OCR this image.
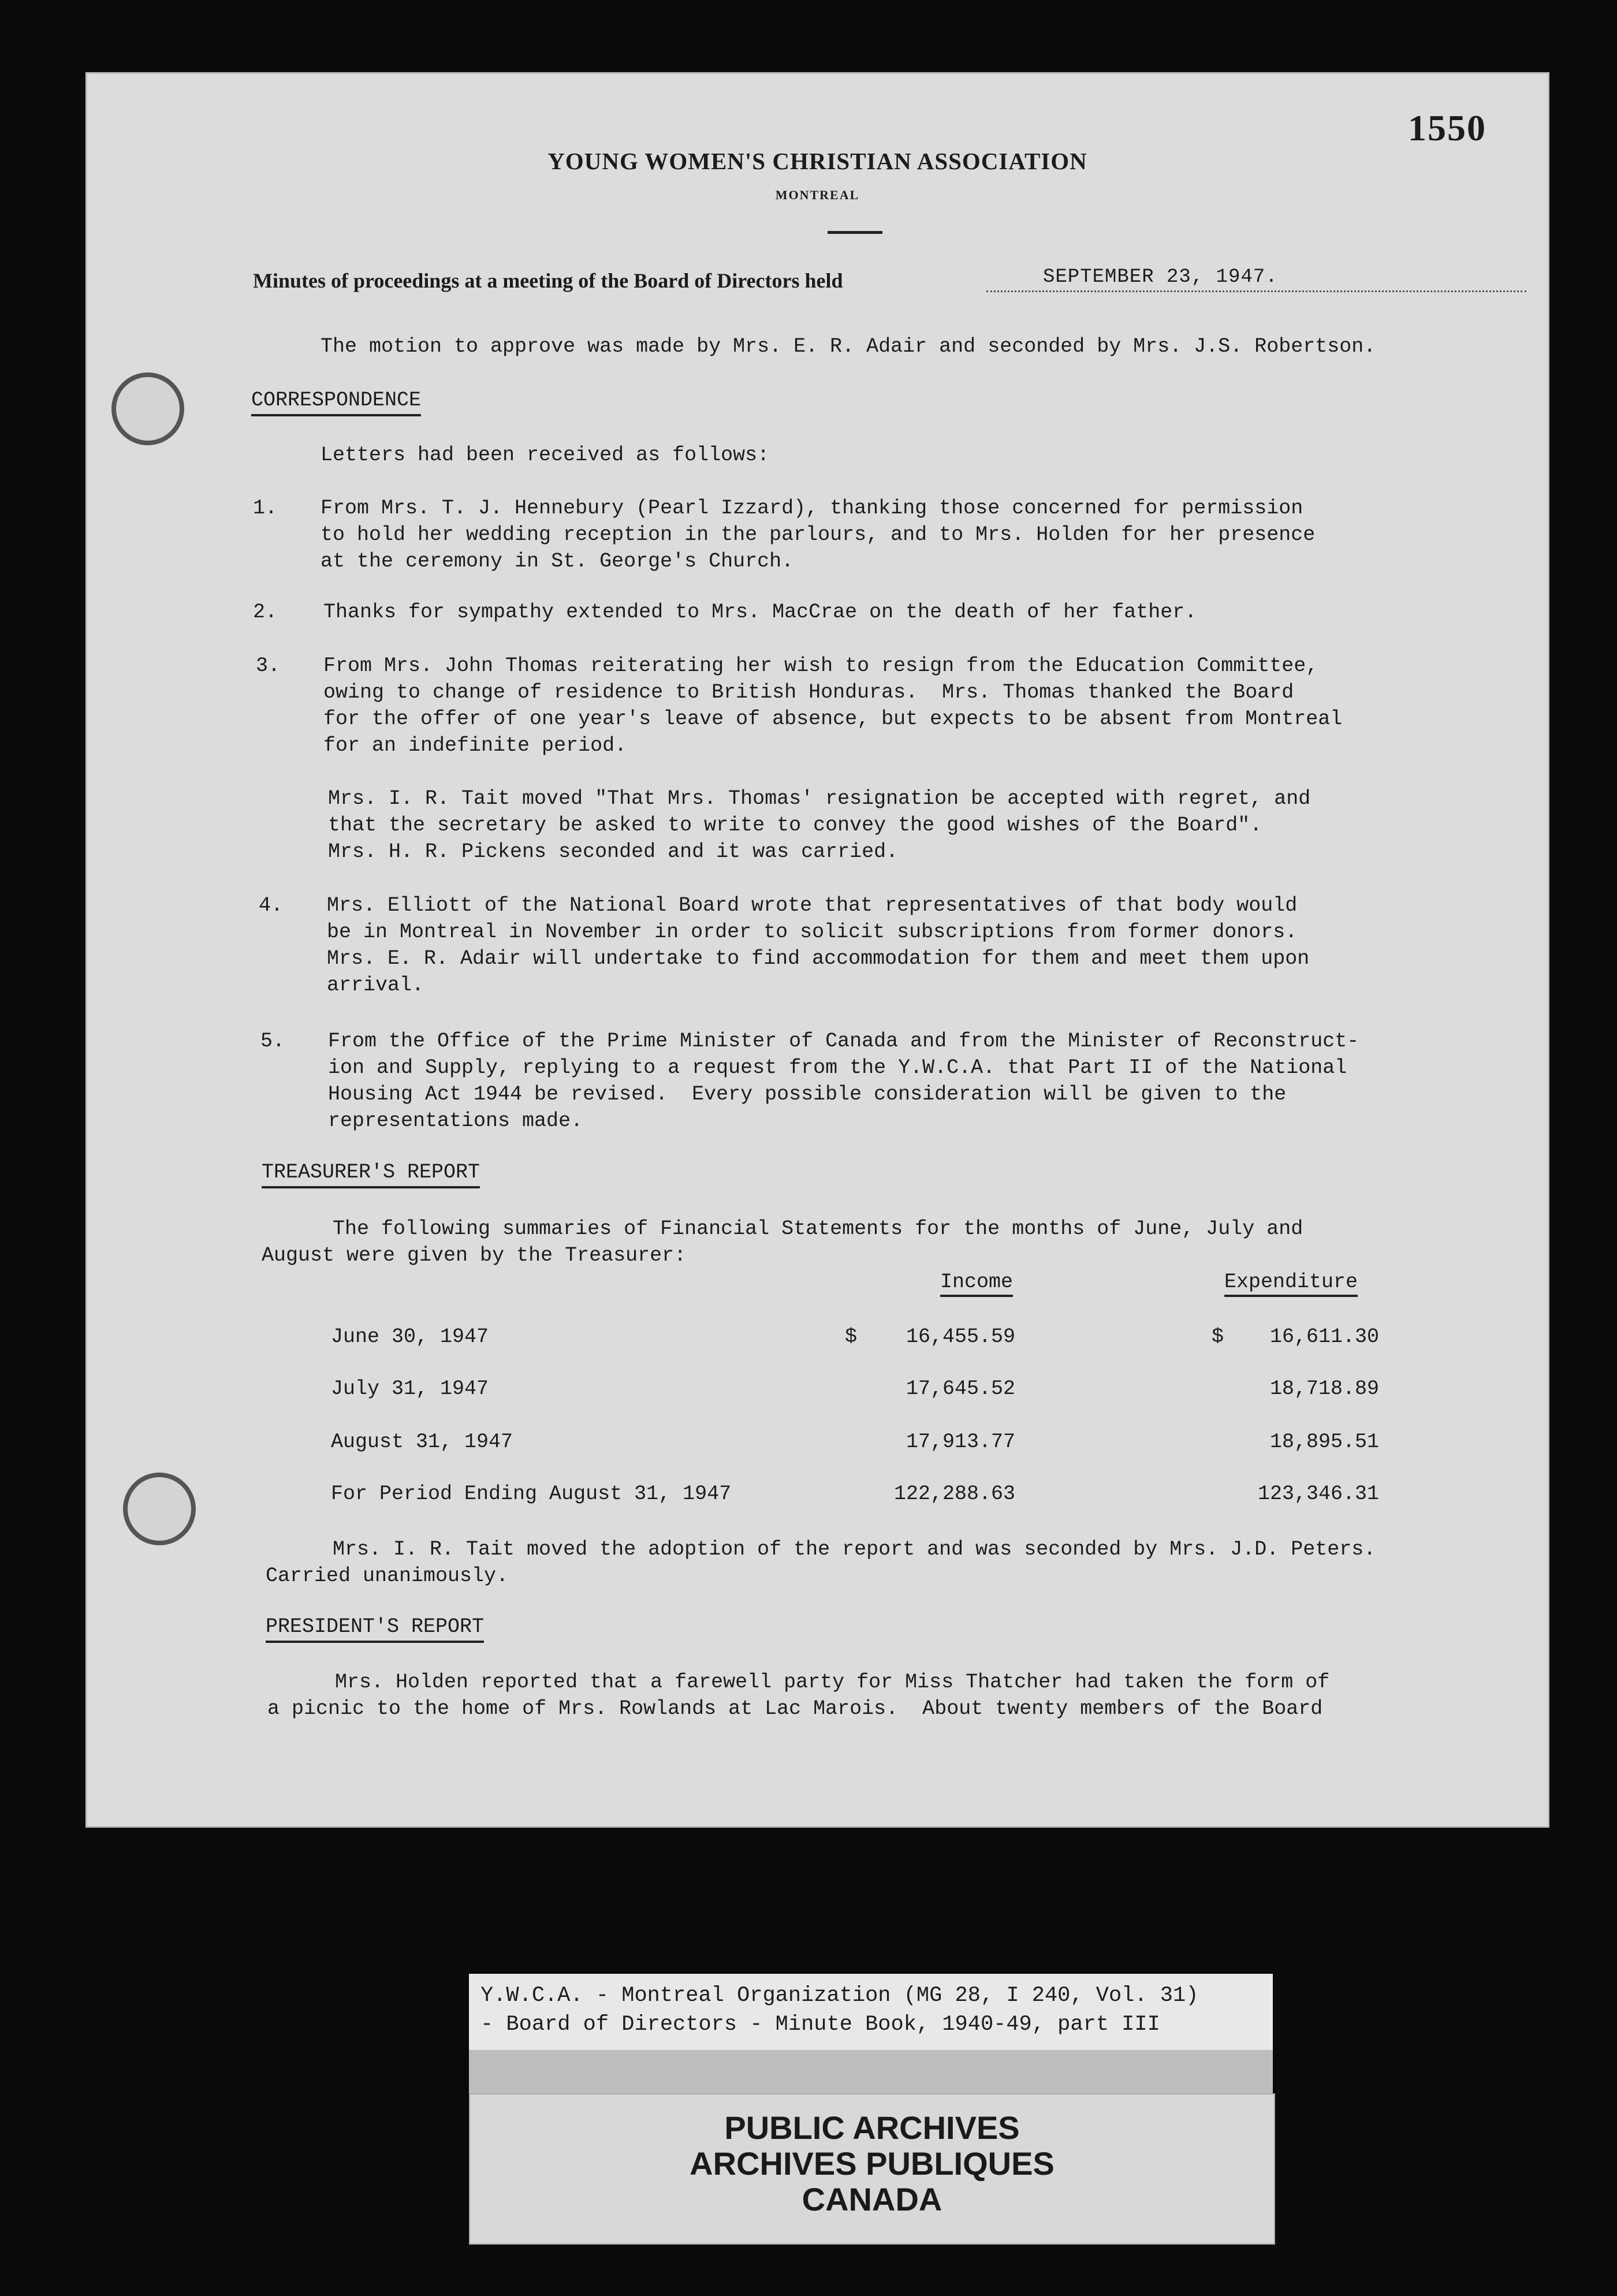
1550
YOUNG WOMEN'S CHRISTIAN ASSOCIATION
MONTREAL
Minutes of proceedings at a meeting of the Board of Directors held	SEPTEMBER 23, 1947.
The motion to approve was made by Mrs. E. R. Adair and seconded by Mrs. J.S. Robertson.
CORRESPONDENCE
Letters had been received as follows:
1. From Mrs. T. J. Hennebury (Pearl Izzard), thanking those concerned for permission
to hold her wedding reception in the parlours, and to Mrs. Holden for her presence
at the ceremony in St. George's Church.
2. Thanks for sympathy extended to Mrs. MacCrae on the death of her father.
3. From Mrs. John Thomas reiterating her wish to resign from the Education Committee,
owing to change of residence to British Honduras.  Mrs. Thomas thanked the Board
for the offer of one year's leave of absence, but expects to be absent from Montreal
for an indefinite period.
Mrs. I. R. Tait moved "That Mrs. Thomas' resignation be accepted with regret, and
that the secretary be asked to write to convey the good wishes of the Board".
Mrs. H. R. Pickens seconded and it was carried.
4. Mrs. Elliott of the National Board wrote that representatives of that body would
be in Montreal in November in order to solicit subscriptions from former donors.
Mrs. E. R. Adair will undertake to find accommodation for them and meet them upon
arrival.
5. From the Office of the Prime Minister of Canada and from the Minister of Reconstruct-
ion and Supply, replying to a request from the Y.W.C.A. that Part II of the National
Housing Act 1944 be revised.  Every possible consideration will be given to the
representations made.
TREASURER'S REPORT
The following summaries of Financial Statements for the months of June, July and
August were given by the Treasurer:
Income	Expenditure
June 30, 1947	$	16,455.59	$	16,611.30
July 31, 1947	17,645.52	18,718.89
August 31, 1947	17,913.77	18,895.51
For Period Ending August 31, 1947	122,288.63	123,346.31
Mrs. I. R. Tait moved the adoption of the report and was seconded by Mrs. J.D. Peters.
Carried unanimously.
PRESIDENT'S REPORT
Mrs. Holden reported that a farewell party for Miss Thatcher had taken the form of
a picnic to the home of Mrs. Rowlands at Lac Marois.  About twenty members of the Board
Y.W.C.A. - Montreal Organization (MG 28, I 240, Vol. 31)
- Board of Directors - Minute Book, 1940-49, part III
PUBLIC ARCHIVES
ARCHIVES PUBLIQUES
CANADA
